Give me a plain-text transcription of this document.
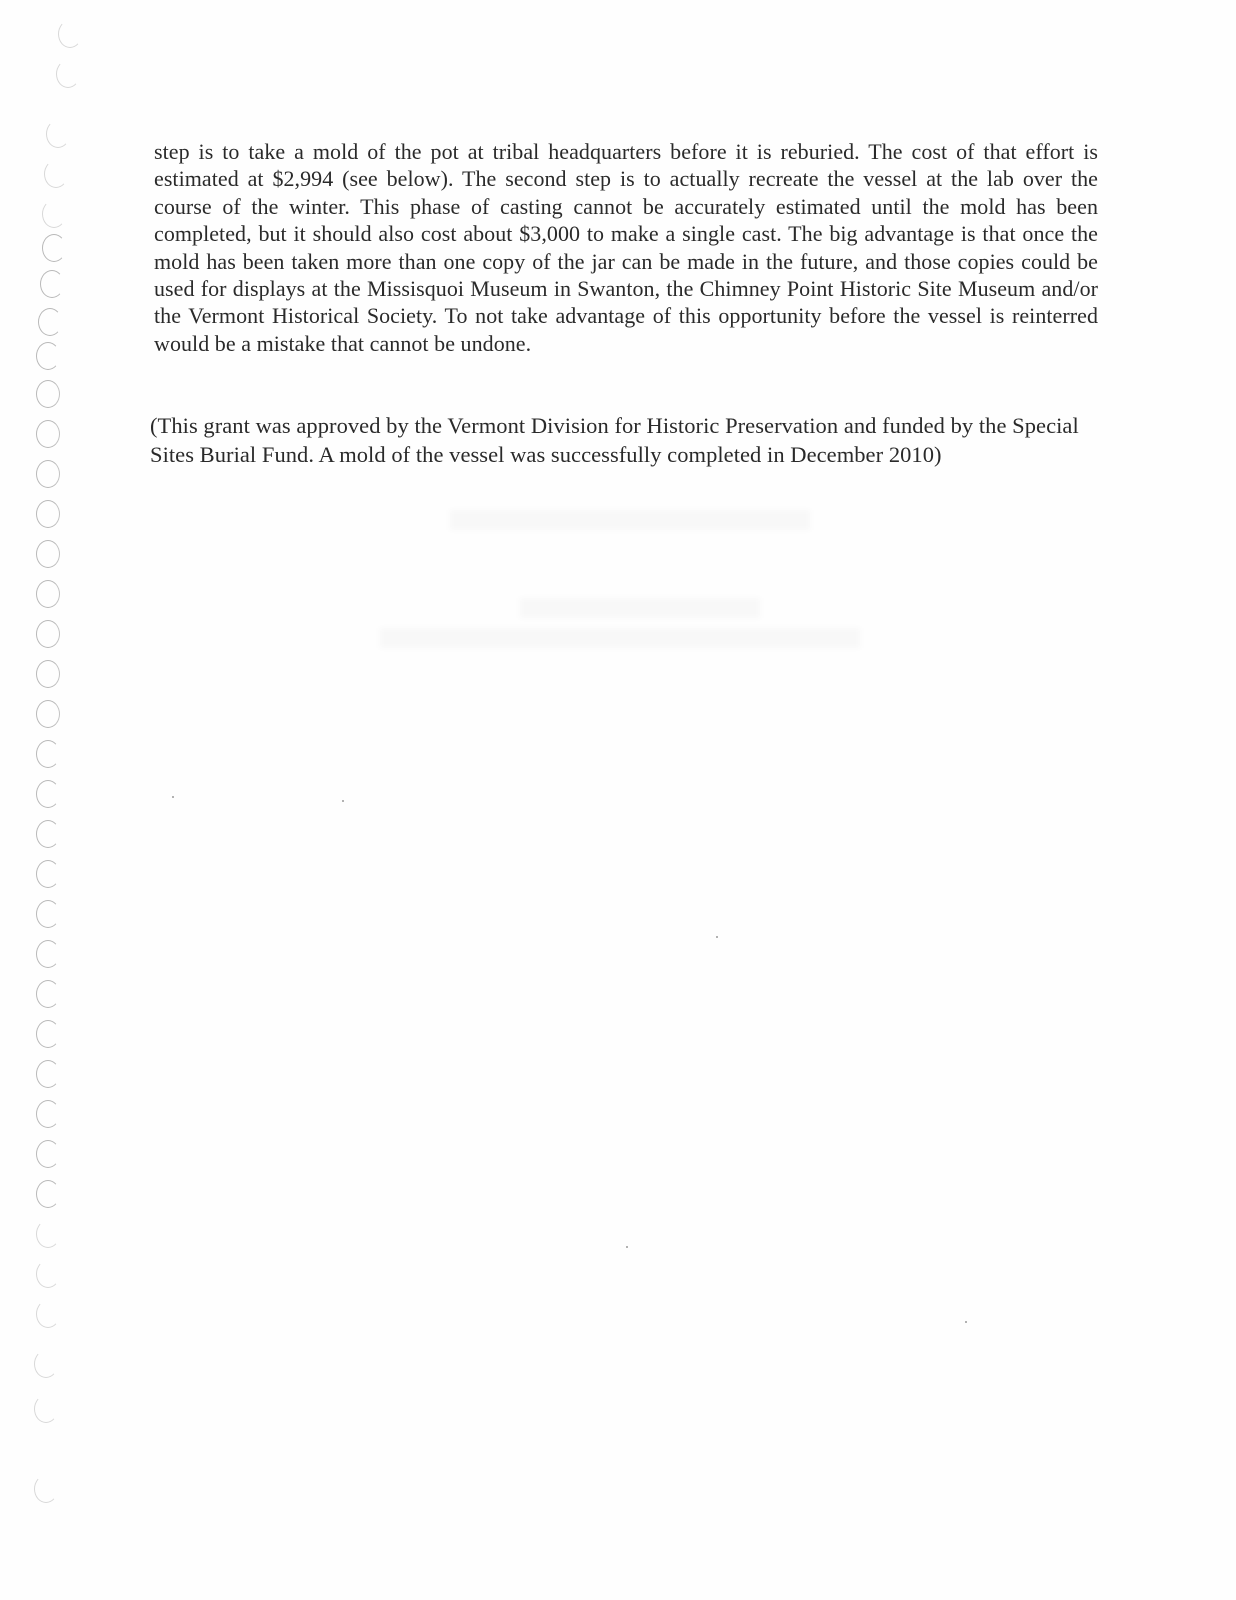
step is to take a mold of the pot at tribal headquarters before it is reburied. The cost of that effort is estimated at $2,994 (see below). The second step is to actually recreate the vessel at the lab over the course of the winter. This phase of casting cannot be accurately estimated until the mold has been completed, but it should also cost about $3,000 to make a single cast. The big advantage is that once the mold has been taken more than one copy of the jar can be made in the future, and those copies could be used for displays at the Missisquoi Museum in Swanton, the Chimney Point Historic Site Museum and/or the Vermont Historical Society. To not take advantage of this opportunity before the vessel is reinterred would be a mistake that cannot be undone.

(This grant was approved by the Vermont Division for Historic Preservation and funded by the Special Sites Burial Fund. A mold of the vessel was successfully completed in December 2010)
